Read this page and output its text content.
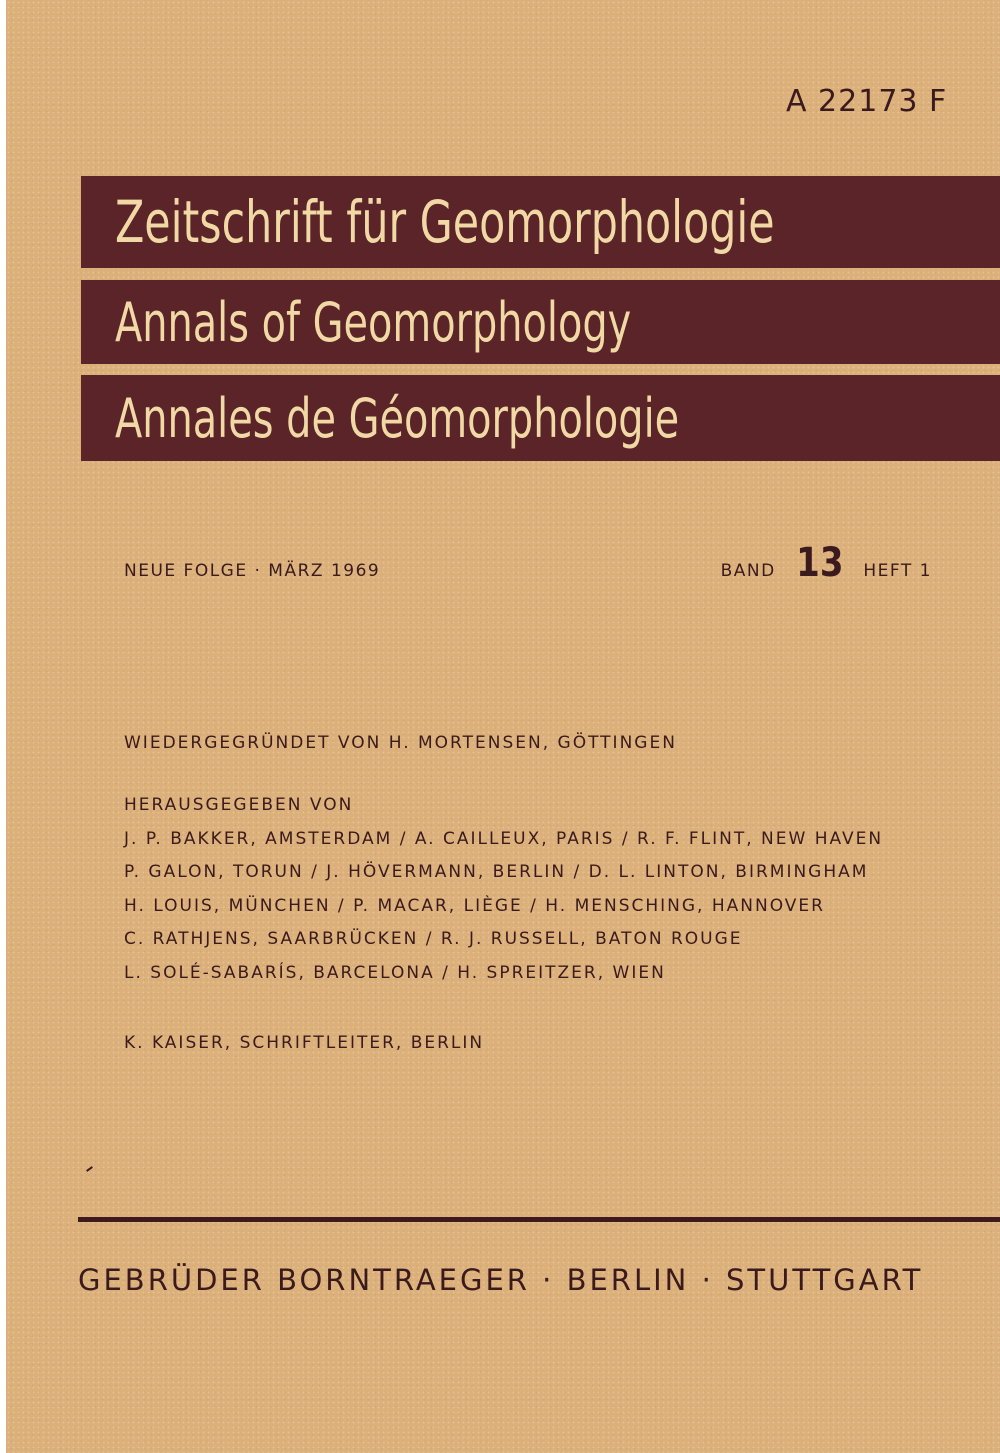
A 22173 F
Zeitschrift für Geomorphologie
Annals of Geomorphology
Annales de Géomorphologie
NEUE FOLGE · MÄRZ 1969	BAND 13 HEFT 1
WIEDERGEGRÜNDET VON H. MORTENSEN, GÖTTINGEN
HERAUSGEGEBEN VON
J. P. BAKKER, AMSTERDAM / A. CAILLEUX, PARIS / R. F. FLINT, NEW HAVEN
P. GALON, TORUN / J. HÖVERMANN, BERLIN / D. L. LINTON, BIRMINGHAM
H. LOUIS, MÜNCHEN / P. MACAR, LIÈGE / H. MENSCHING, HANNOVER
C. RATHJENS, SAARBRÜCKEN / R. J. RUSSELL, BATON ROUGE
L. SOLÉ-SABARÍS, BARCELONA / H. SPREITZER, WIEN
K. KAISER, SCHRIFTLEITER, BERLIN
GEBRÜDER BORNTRAEGER · BERLIN · STUTTGART
